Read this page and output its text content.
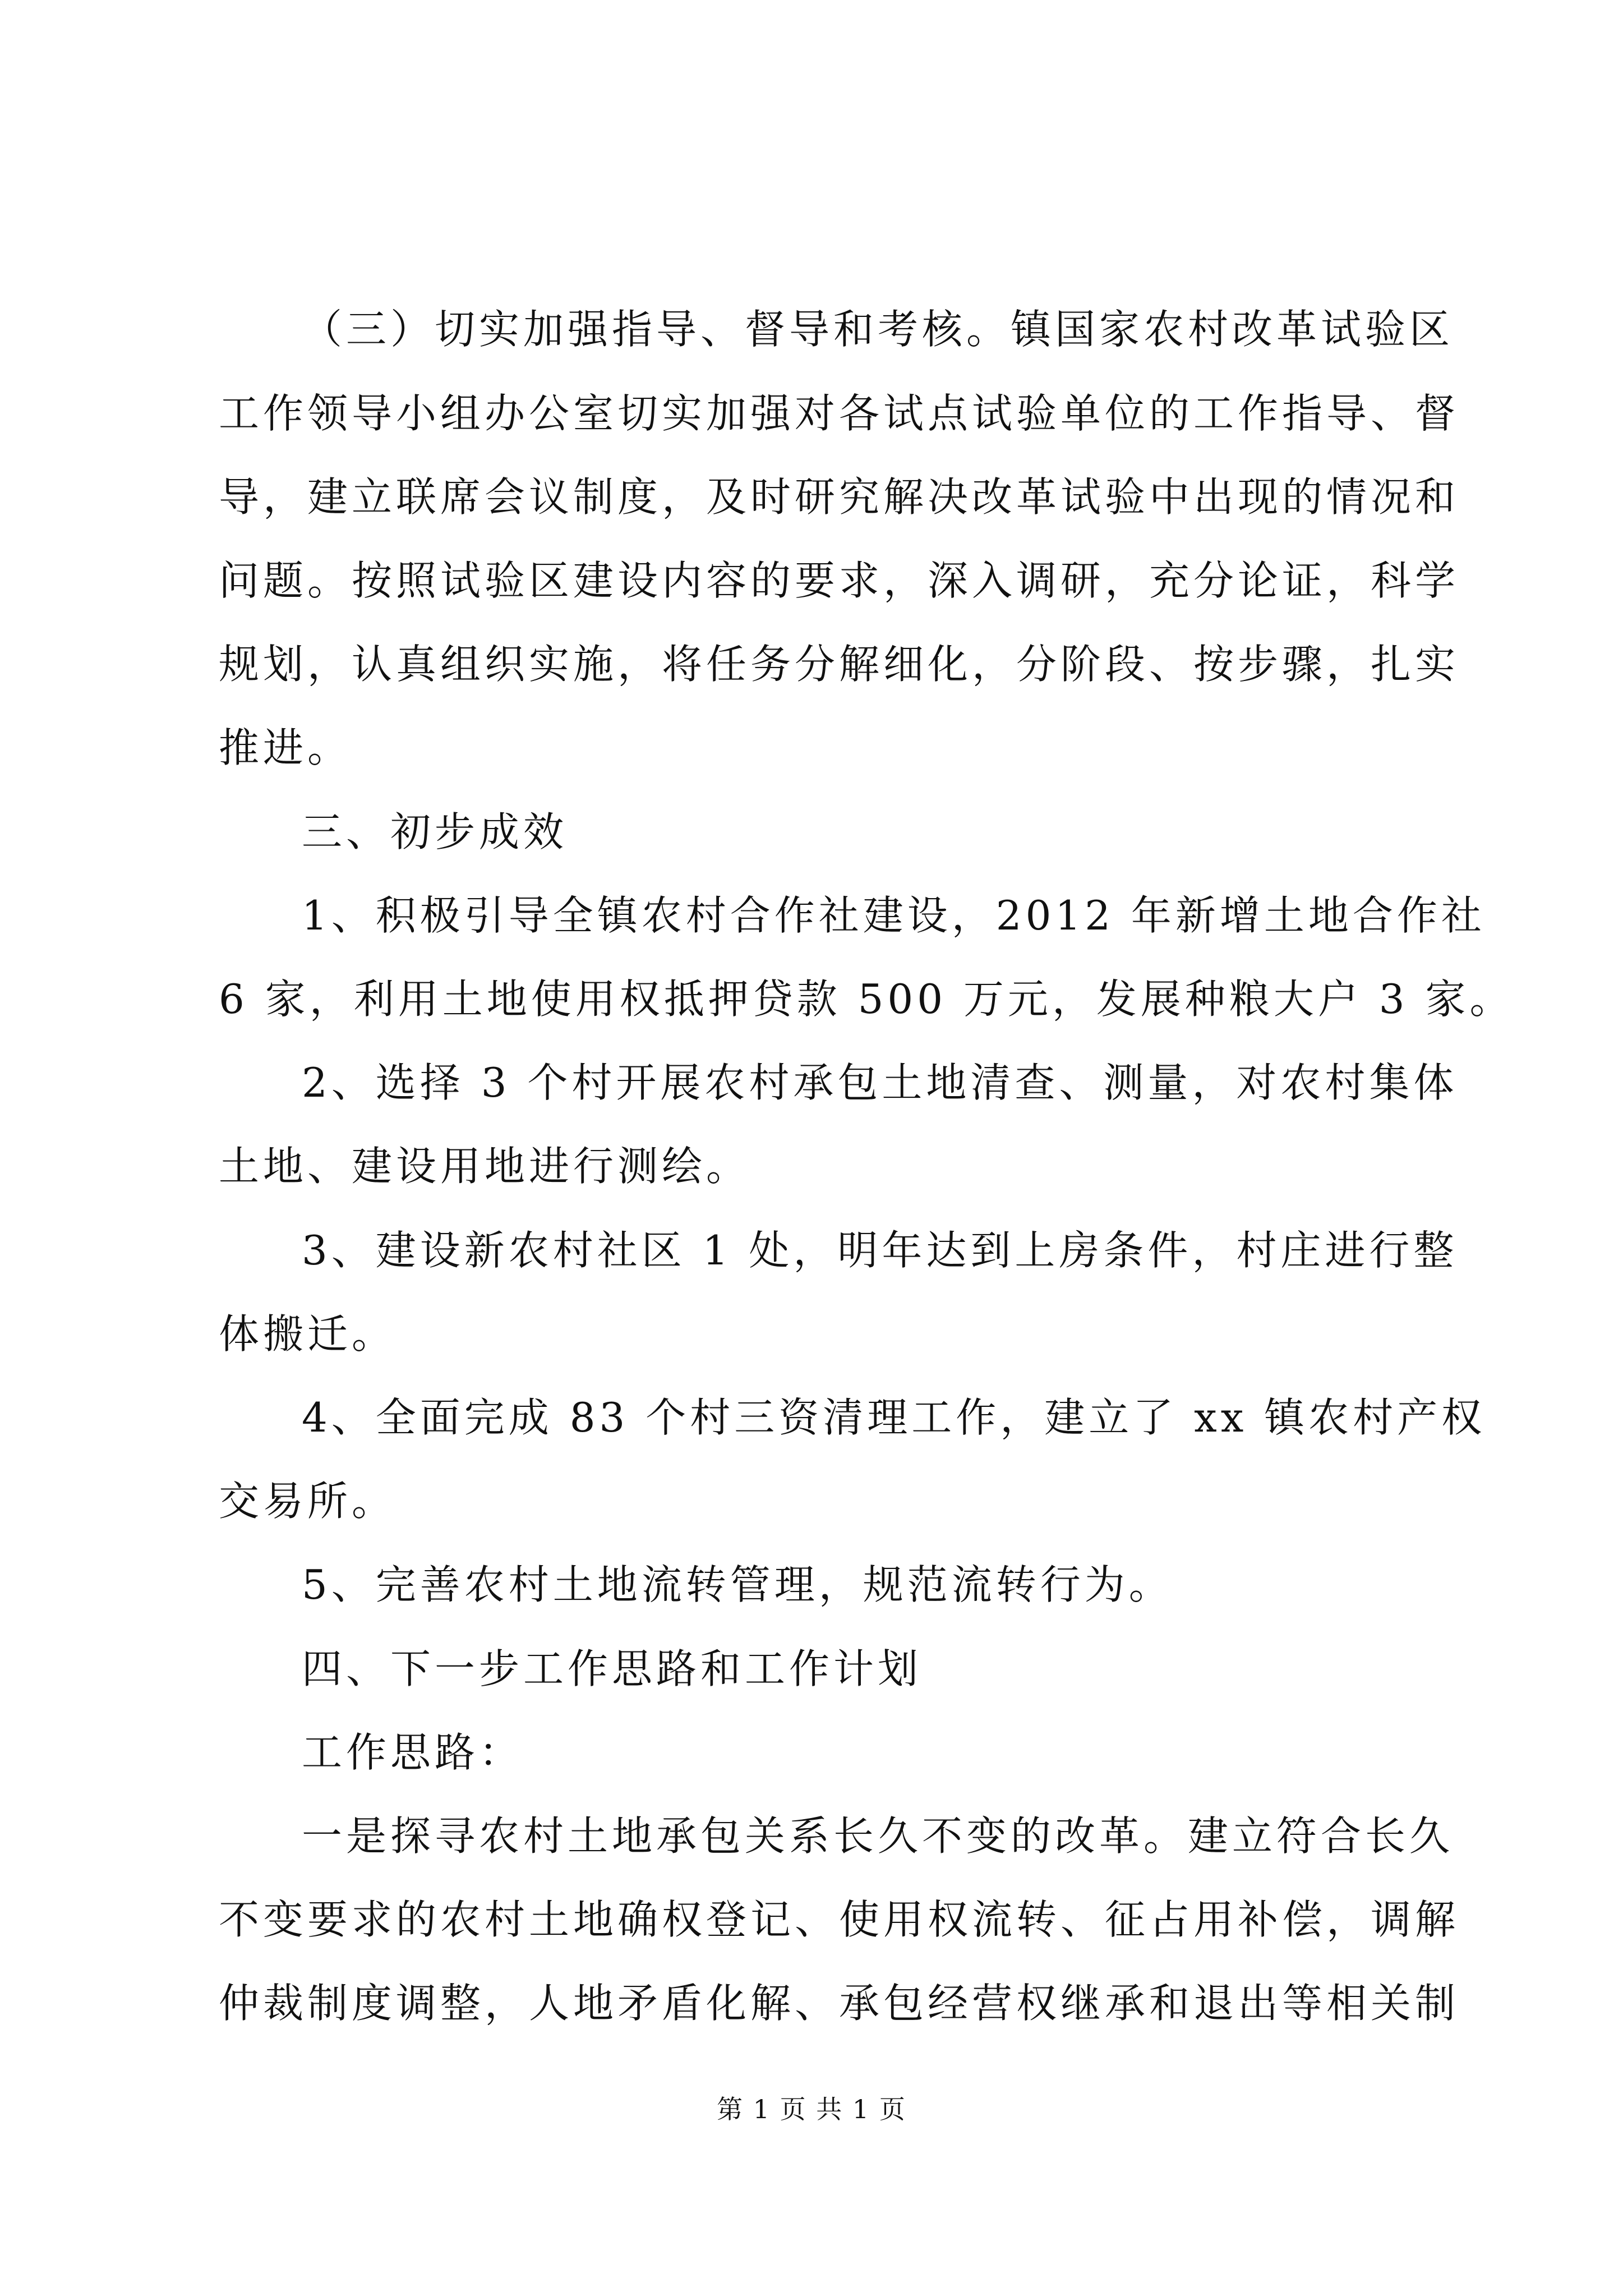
（三）切实加强指导、督导和考核。镇国家农村改革试验区
工作领导小组办公室切实加强对各试点试验单位的工作指导、督
导，建立联席会议制度，及时研究解决改革试验中出现的情况和
问题。按照试验区建设内容的要求，深入调研，充分论证，科学
规划，认真组织实施，将任务分解细化，分阶段、按步骤，扎实
推进。
三、初步成效
1、积极引导全镇农村合作社建设，2012 年新增土地合作社
6 家，利用土地使用权抵押贷款 500 万元，发展种粮大户 3 家。
2、选择 3 个村开展农村承包土地清查、测量，对农村集体
土地、建设用地进行测绘。
3、建设新农村社区 1 处，明年达到上房条件，村庄进行整
体搬迁。
4、全面完成 83 个村三资清理工作，建立了 xx 镇农村产权
交易所。
5、完善农村土地流转管理，规范流转行为。
四、下一步工作思路和工作计划
工作思路：
一是探寻农村土地承包关系长久不变的改革。建立符合长久
不变要求的农村土地确权登记、使用权流转、征占用补偿，调解
仲裁制度调整，人地矛盾化解、承包经营权继承和退出等相关制
第 1 页 共 1 页
